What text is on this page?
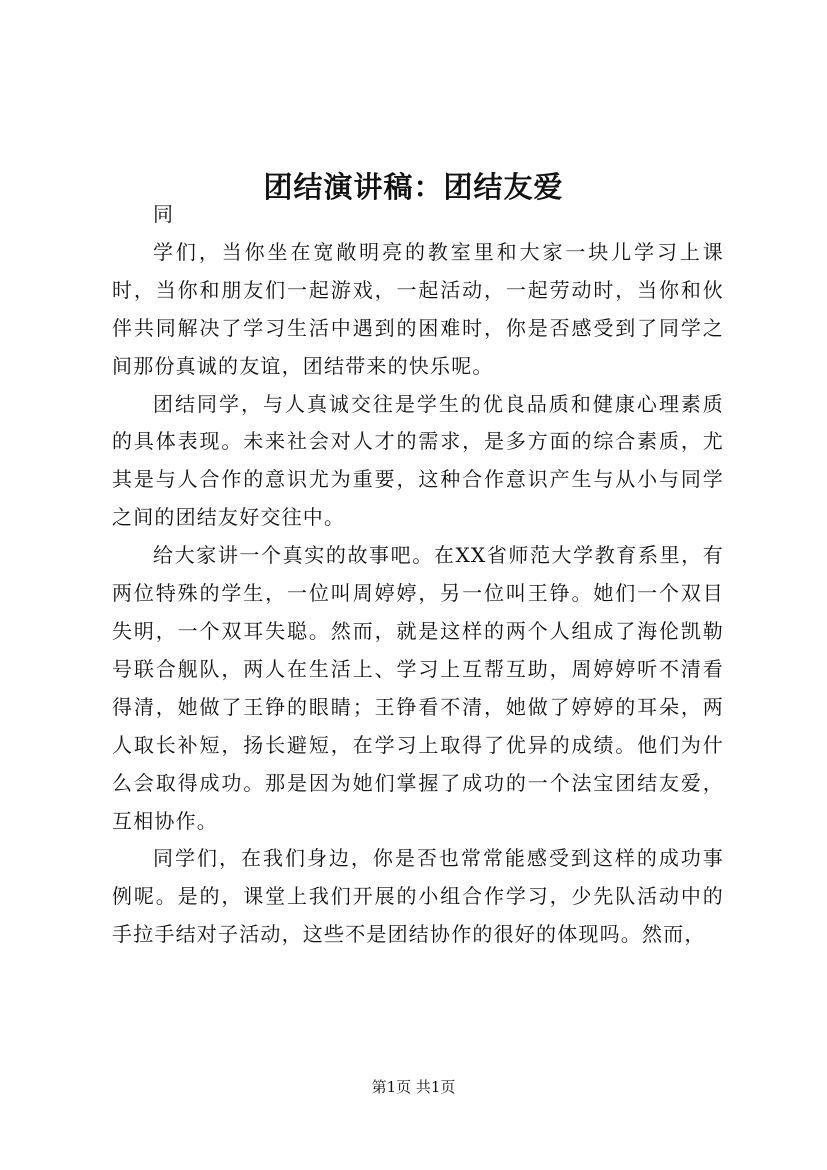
团结演讲稿：团结友爱

同

学们，当你坐在宽敞明亮的教室里和大家一块儿学习上课时，当你和朋友们一起游戏，一起活动，一起劳动时，当你和伙伴共同解决了学习生活中遇到的困难时，你是否感受到了同学之间那份真诚的友谊，团结带来的快乐呢。

团结同学，与人真诚交往是学生的优良品质和健康心理素质的具体表现。未来社会对人才的需求，是多方面的综合素质，尤其是与人合作的意识尤为重要，这种合作意识产生与从小与同学之间的团结友好交往中。

给大家讲一个真实的故事吧。在XX省师范大学教育系里，有两位特殊的学生，一位叫周婷婷，另一位叫王铮。她们一个双目失明，一个双耳失聪。然而，就是这样的两个人组成了海伦凯勒号联合舰队，两人在生活上、学习上互帮互助，周婷婷听不清看得清，她做了王铮的眼睛；王铮看不清，她做了婷婷的耳朵，两人取长补短，扬长避短，在学习上取得了优异的成绩。他们为什么会取得成功。那是因为她们掌握了成功的一个法宝团结友爱，互相协作。

同学们，在我们身边，你是否也常常能感受到这样的成功事例呢。是的，课堂上我们开展的小组合作学习，少先队活动中的手拉手结对子活动，这些不是团结协作的很好的体现吗。然而，

第1页 共1页
